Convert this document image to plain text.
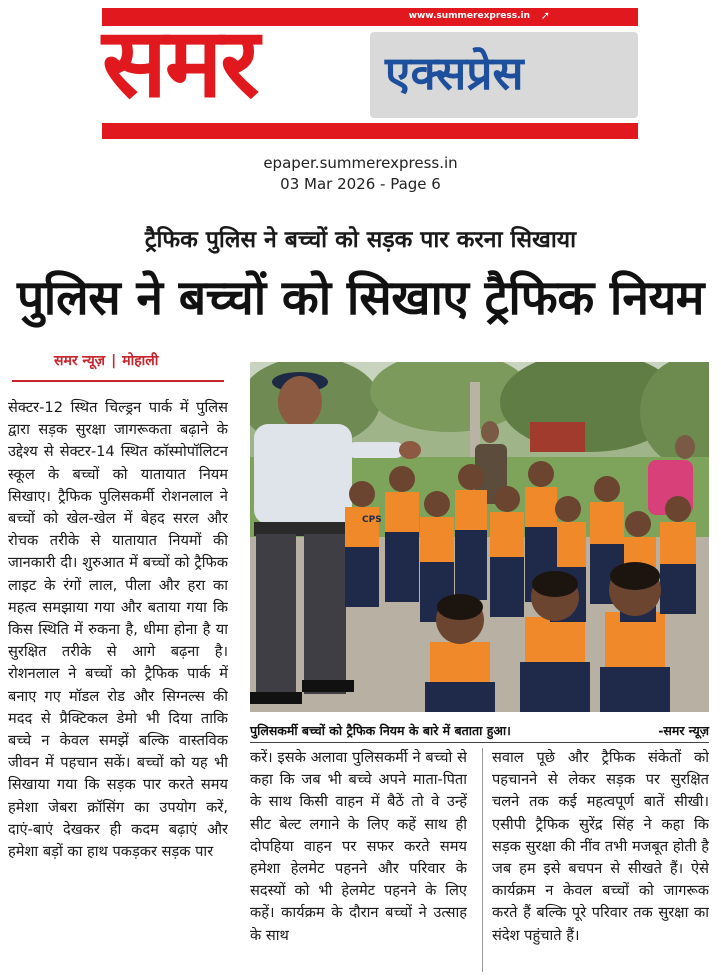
www.summerexpress.in ➚
समर	एक्सप्रेस
epaper.summerexpress.in
03 Mar 2026 - Page 6
ट्रैफिक पुलिस ने बच्चों को सड़क पार करना सिखाया
पुलिस ने बच्चों को सिखाए ट्रैफिक नियम
समर न्यूज़ | मोहाली
सेक्टर-12 स्थित चिल्ड्रन पार्क में पुलिस द्वारा सड़क सुरक्षा जागरूकता बढ़ाने के उद्देश्य से सेक्टर-14 स्थित कॉस्मोपॉलिटन स्कूल के बच्चों को यातायात नियम सिखाए। ट्रैफिक पुलिसकर्मी रोशनलाल ने बच्चों को खेल-खेल में बेहद सरल और रोचक तरीके से यातायात नियमों की जानकारी दी। शुरुआत में बच्चों को ट्रैफिक लाइट के रंगों लाल, पीला और हरा का महत्व समझाया गया और बताया गया कि किस स्थिति में रुकना है, धीमा होना है या सुरक्षित तरीके से आगे बढ़ना है। रोशनलाल ने बच्चों को ट्रैफिक पार्क में बनाए गए मॉडल रोड और सिग्नल्स की मदद से प्रैक्टिकल डेमो भी दिया ताकि बच्चे न केवल समझें बल्कि वास्तविक जीवन में पहचान सकें। बच्चों को यह भी सिखाया गया कि सड़क पार करते समय हमेशा जेबरा क्रॉसिंग का उपयोग करें, दाएं-बाएं देखकर ही कदम बढ़ाएं और हमेशा बड़ों का हाथ पकड़कर सड़क पार
करें। इसके अलावा पुलिसकर्मी ने बच्चो से कहा कि जब भी बच्चे अपने माता-पिता के साथ किसी वाहन में बैठें तो वे उन्हें सीट बेल्ट लगाने के लिए कहें साथ ही दोपहिया वाहन पर सफर करते समय हमेशा हेलमेट पहनने और परिवार के सदस्यों को भी हेलमेट पहनने के लिए कहें। कार्यक्रम के दौरान बच्चों ने उत्साह के साथ
सवाल पूछे और ट्रैफिक संकेतों को पहचानने से लेकर सड़क पर सुरक्षित चलने तक कई महत्वपूर्ण बातें सीखी। एसीपी ट्रैफिक सुरेंद्र सिंह ने कहा कि सड़क सुरक्षा की नींव तभी मजबूत होती है जब हम इसे बचपन से सीखते हैं। ऐसे कार्यक्रम न केवल बच्चों को जागरूक करते हैं बल्कि पूरे परिवार तक सुरक्षा का संदेश पहुंचाते हैं।
CPS
पुलिसकर्मी बच्चों को ट्रैफिक नियम के बारे में बताता हुआ।	-समर न्यूज़
